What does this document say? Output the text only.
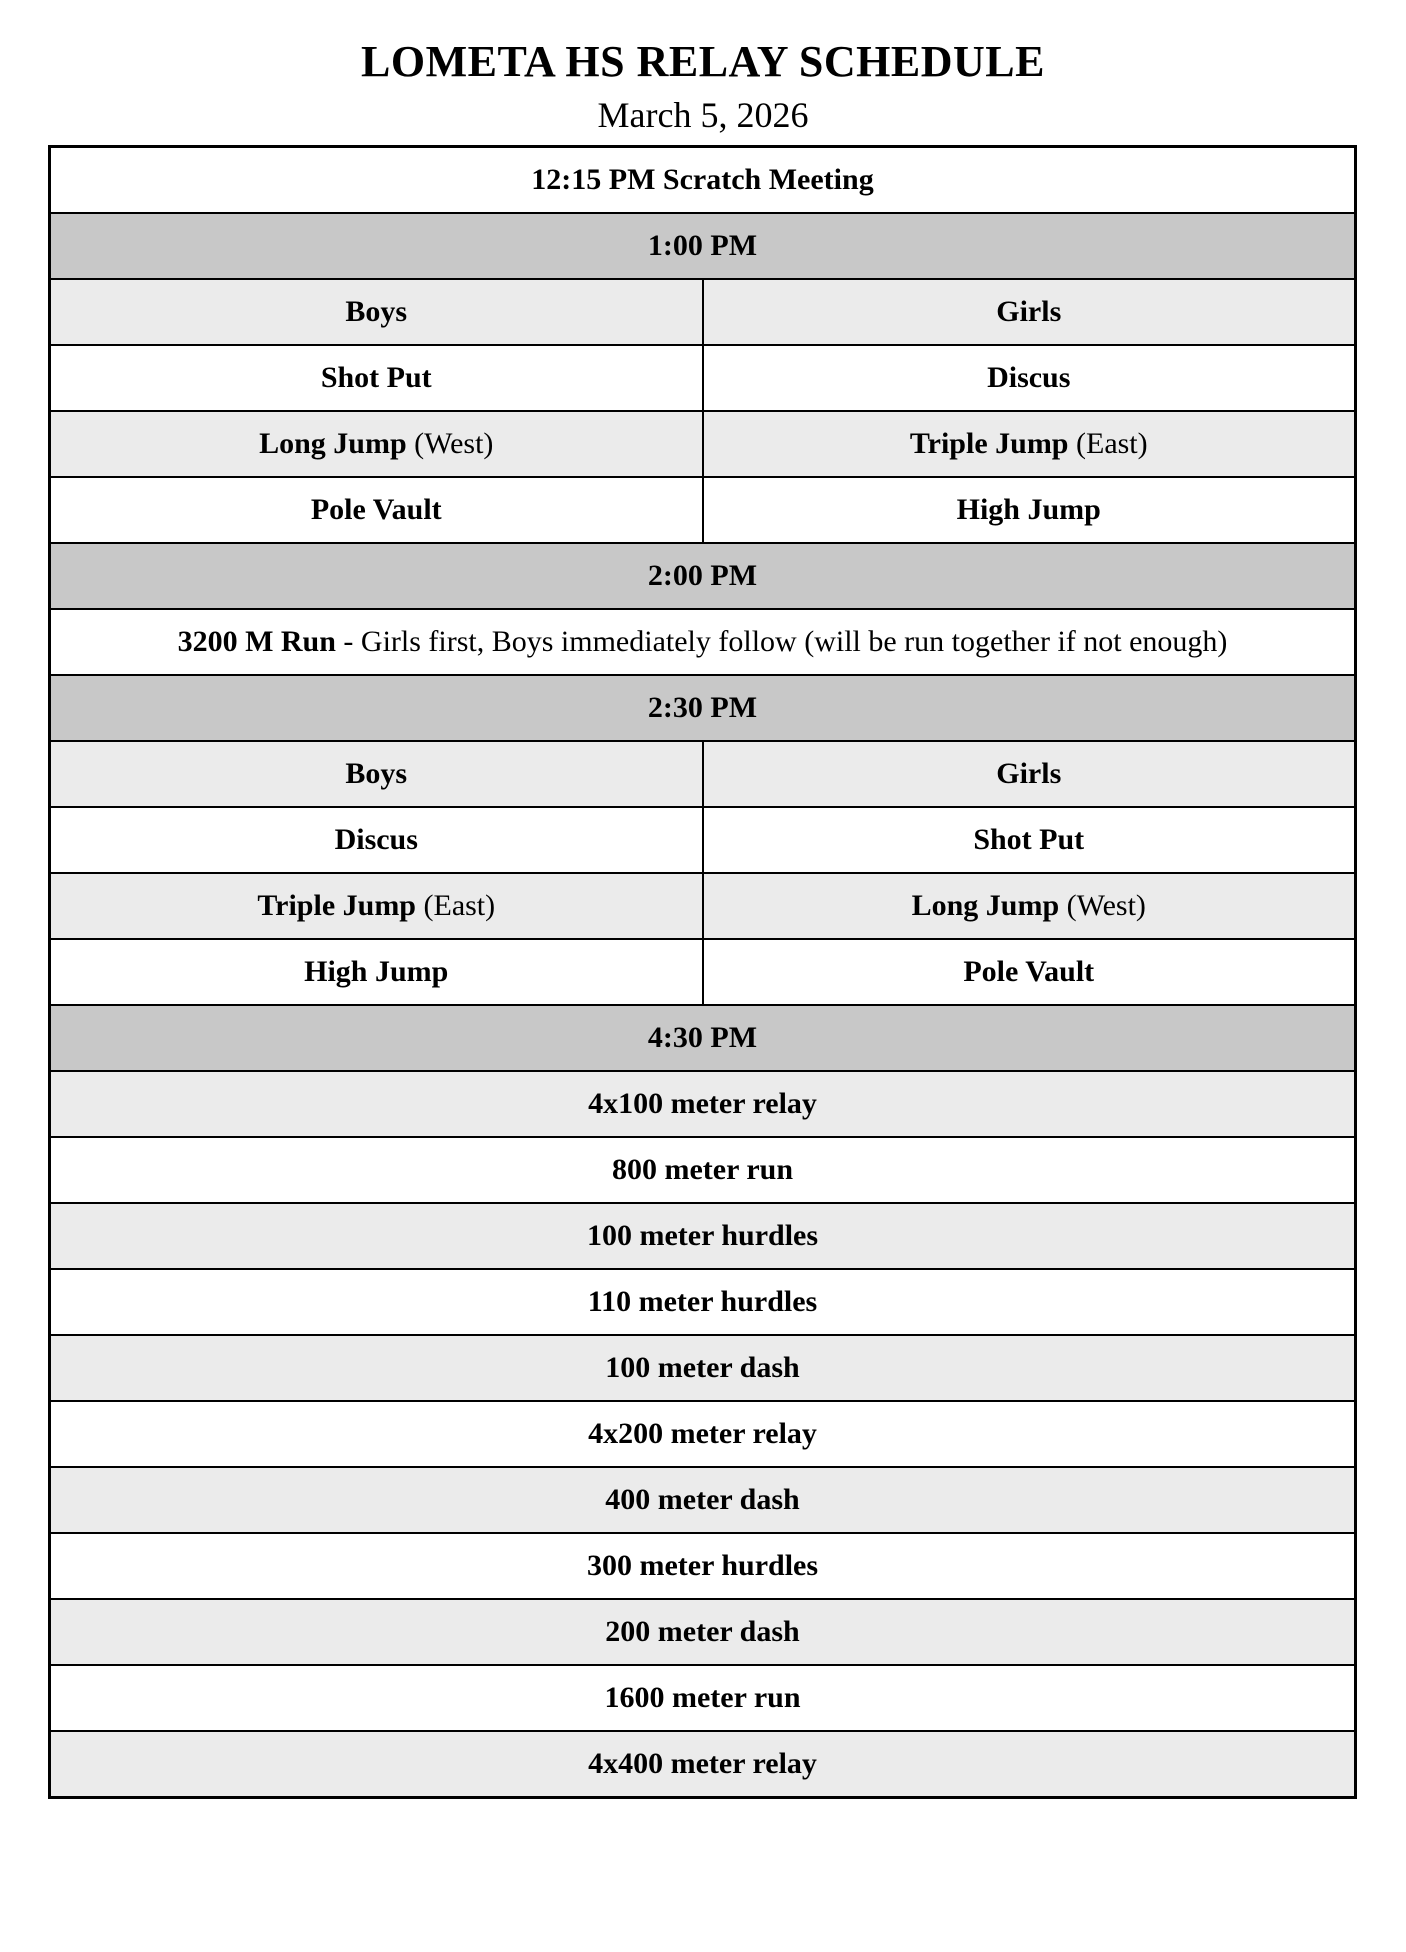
LOMETA HS RELAY SCHEDULE
March 5, 2026
12:15 PM Scratch Meeting	
1:00 PM	
Boys	Girls
Shot Put	Discus
Long Jump (West)	Triple Jump (East)
Pole Vault	High Jump
2:00 PM	
3200 M Run - Girls first, Boys immediately follow (will be run together if not enough)	
2:30 PM	
Boys	Girls
Discus	Shot Put
Triple Jump (East)	Long Jump (West)
High Jump	Pole Vault
4:30 PM	
4x100 meter relay	
800 meter run	
100 meter hurdles	
110 meter hurdles	
100 meter dash	
4x200 meter relay	
400 meter dash	
300 meter hurdles	
200 meter dash	
1600 meter run	
4x400 meter relay	
